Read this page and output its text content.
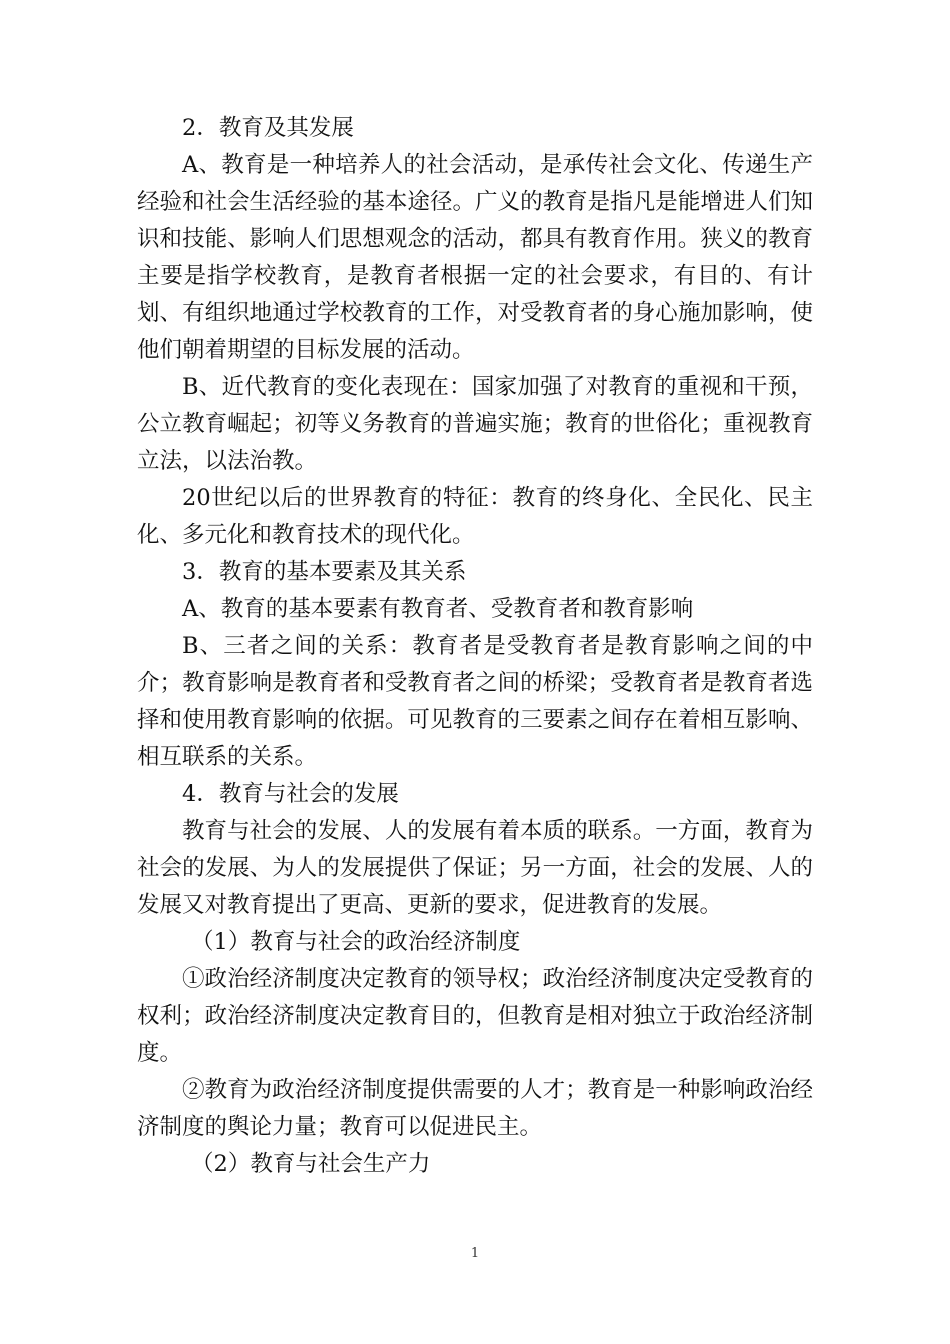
2．教育及其发展

A、教育是一种培养人的社会活动，是承传社会文化、传递生产经验和社会生活经验的基本途径。广义的教育是指凡是能增进人们知识和技能、影响人们思想观念的活动，都具有教育作用。狭义的教育主要是指学校教育，是教育者根据一定的社会要求，有目的、有计划、有组织地通过学校教育的工作，对受教育者的身心施加影响，使他们朝着期望的目标发展的活动。

B、近代教育的变化表现在：国家加强了对教育的重视和干预，公立教育崛起；初等义务教育的普遍实施；教育的世俗化；重视教育立法，以法治教。

20世纪以后的世界教育的特征：教育的终身化、全民化、民主化、多元化和教育技术的现代化。

3．教育的基本要素及其关系

A、教育的基本要素有教育者、受教育者和教育影响

B、三者之间的关系：教育者是受教育者是教育影响之间的中介；教育影响是教育者和受教育者之间的桥梁；受教育者是教育者选择和使用教育影响的依据。可见教育的三要素之间存在着相互影响、相互联系的关系。

4．教育与社会的发展

教育与社会的发展、人的发展有着本质的联系。一方面，教育为社会的发展、为人的发展提供了保证；另一方面，社会的发展、人的发展又对教育提出了更高、更新的要求，促进教育的发展。

（1）教育与社会的政治经济制度

①政治经济制度决定教育的领导权；政治经济制度决定受教育的权利；政治经济制度决定教育目的，但教育是相对独立于政治经济制度。

②教育为政治经济制度提供需要的人才；教育是一种影响政治经济制度的舆论力量；教育可以促进民主。

（2）教育与社会生产力

1
